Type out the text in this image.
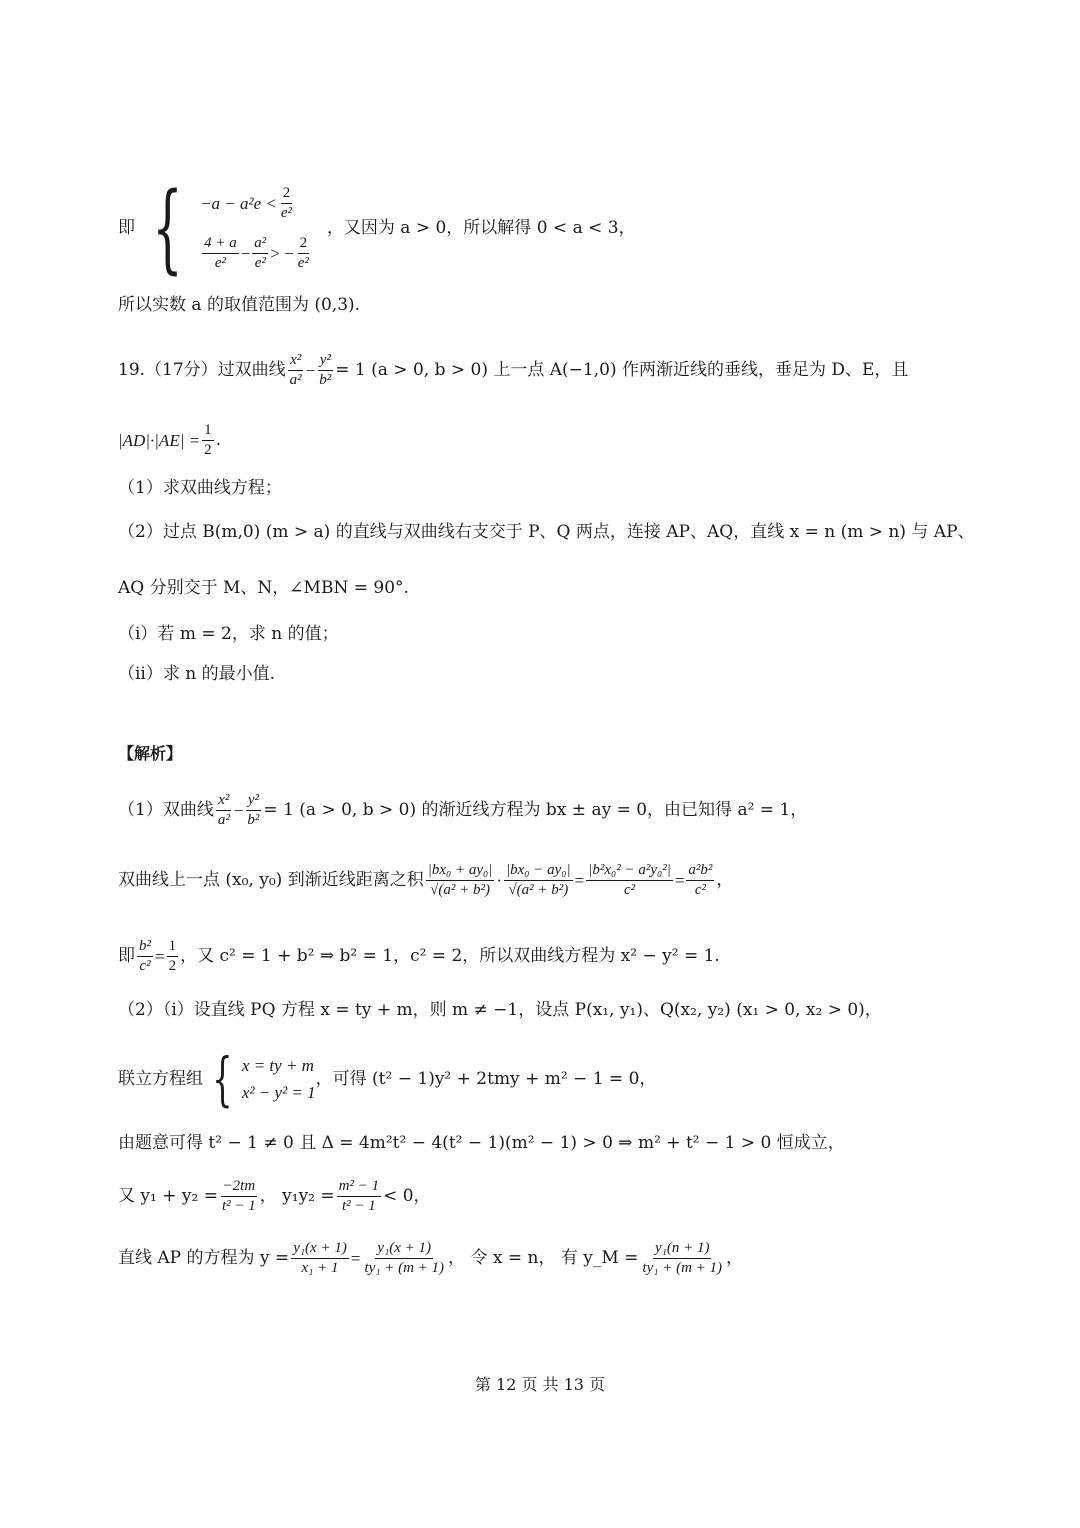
即 { $-a - a^2e < \frac{2}{\text{e²}}$
$\frac{4 + a}{\text{e²}} - \frac{\text{a²}}{\text{e²}}$ > − $\frac{2}{\text{e²}}$
，又因为 a > 0，所以解得 0 < a < 3，
所以实数 a 的取值范围为 (0,3).
19.（17分）过双曲线 $\frac{\text{x²}}{\text{a²}} - \frac{\text{y²}}{\text{b²}} = 1$ (a > 0, b > 0) 上一点 A(−1,0) 作两渐近线的垂线，垂足为 D、E，且
$|AD|\cdot|AE| = \frac{1}{2}$ .
（1）求双曲线方程；
（2）过点 B(m,0) (m > a) 的直线与双曲线右支交于 P、Q 两点，连接 AP、AQ，直线 x = n (m > n) 与 AP、
AQ 分别交于 M、N，∠MBN = 90°.
（i）若 m = 2，求 n 的值；
（ii）求 n 的最小值.
【解析】
（1）双曲线 $\frac{\text{x²}}{\text{a²}} - \frac{\text{y²}}{\text{b²}} = 1$ (a > 0, b > 0) 的渐近线方程为 bx ± ay = 0，由已知得 a² = 1，
双曲线上一点 (x₀, y₀) 到渐近线距离之积 $\frac{\text{|bx₀ + ay₀|}}{\text{√(a² + b²)}} \cdot \frac{\text{|bx₀ − ay₀|}}{\text{√(a² + b²)}} = \frac{\text{|b²x₀² − a²y₀²|}}{\text{c²}} = \frac{\text{a²b²}}{\text{c²}}$ ，
即 $\frac{\text{b²}}{\text{c²}} = \frac{1}{2}$ ，又 c² = 1 + b² ⇒ b² = 1，c² = 2，所以双曲线方程为 x² − y² = 1.
（2）（i）设直线 PQ 方程 x = ty + m，则 m ≠ −1，设点 P(x₁, y₁)、Q(x₂, y₂) (x₁ > 0, x₂ > 0)，
联立方程组 { x = ty + m
x² − y² = 1
，可得 (t² − 1)y² + 2tmy + m² − 1 = 0，
由题意可得 t² − 1 ≠ 0 且 Δ = 4m²t² − 4(t² − 1)(m² − 1) > 0 ⇒ m² + t² − 1 > 0 恒成立，
又 $y_1 + y_2 = \frac{-2tm}{\text{t² − 1}}$ ， $y_1y_2 = \frac{\text{m² − 1}}{\text{t² − 1}} < 0$，
直线 AP 的方程为 $y = \frac{\text{y₁(x + 1)}}{\text{x₁ + 1}} = \frac{\text{y₁(x + 1)}}{\text{ty₁ + (m + 1)}}$ ， 令 x = n， 有 y_M = $\frac{\text{y₁(n + 1)}}{\text{ty₁ + (m + 1)}}$ ，
第 12 页 共 13 页
